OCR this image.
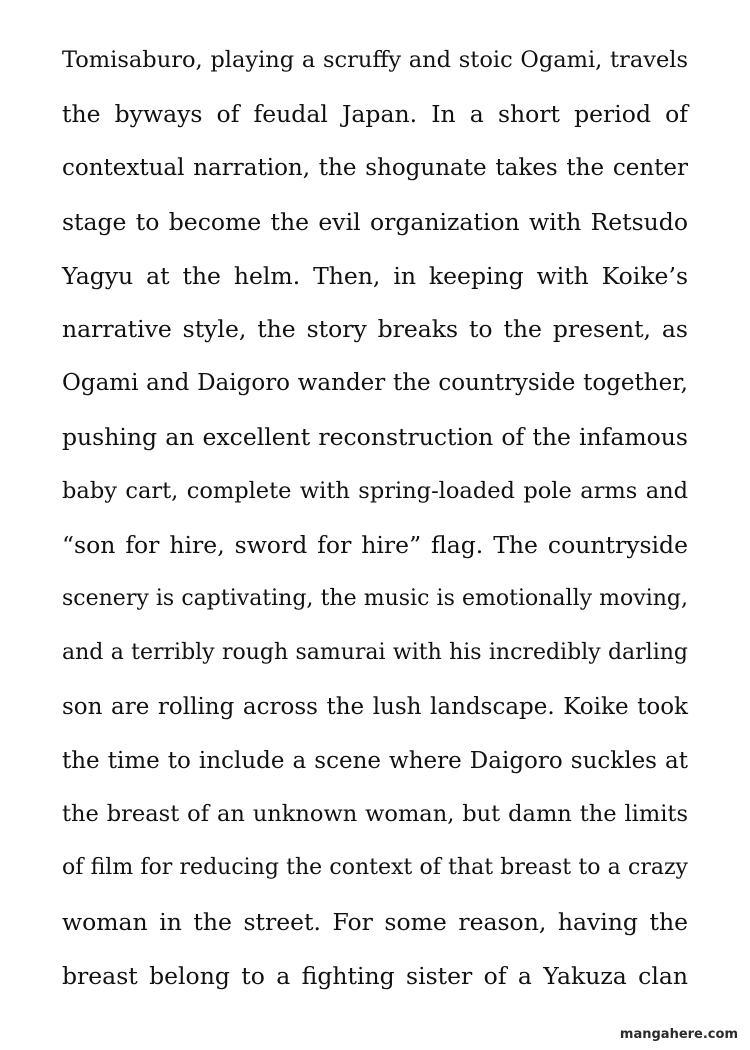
Tomisaburo, playing a scruffy and stoic Ogami, travels
the byways of feudal Japan. In a short period of
contextual narration, the shogunate takes the center
stage to become the evil organization with Retsudo
Yagyu at the helm. Then, in keeping with Koike’s
narrative style, the story breaks to the present, as
Ogami and Daigoro wander the countryside together,
pushing an excellent reconstruction of the infamous
baby cart, complete with spring-loaded pole arms and
“son for hire, sword for hire” flag. The countryside
scenery is captivating, the music is emotionally moving,
and a terribly rough samurai with his incredibly darling
son are rolling across the lush landscape. Koike took
the time to include a scene where Daigoro suckles at
the breast of an unknown woman, but damn the limits
of film for reducing the context of that breast to a crazy
woman in the street. For some reason, having the
breast belong to a fighting sister of a Yakuza clan
mangahere.com
